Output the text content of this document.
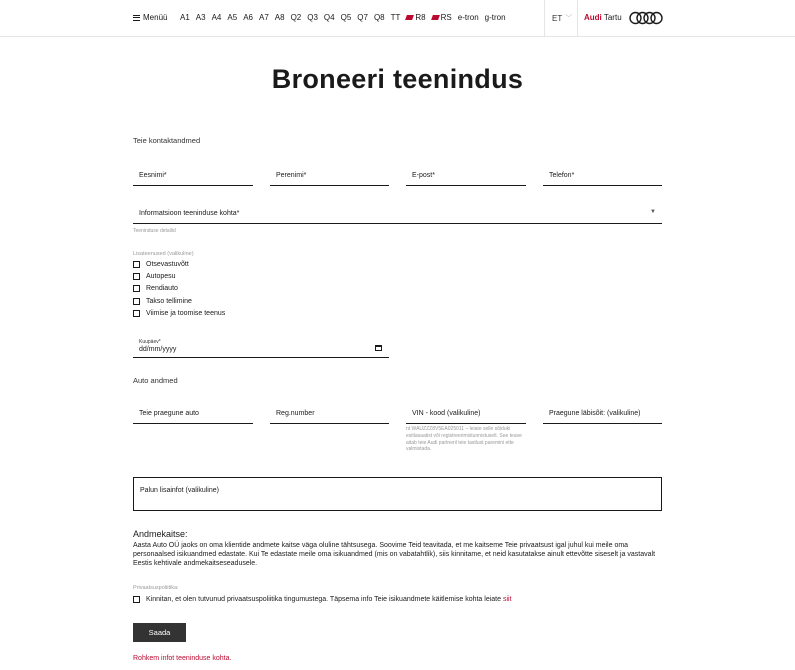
Menüü A1 A3 A4 A5 A6 A7 A8 Q2 Q3 Q4 Q5 Q7 Q8 TT	R8	RS e-tron g-tron	ET ﹀ Audi Tartu
Broneeri teenindus
Teie kontaktandmed
Eesnimi*	Perenimi*	E-post*	Telefon*
Informatsioon teeninduse kohta*	▼
Teeninduse detailid
Lisateenused (valikuline)
Otsevastuvõtt
Autopesu
Rendiauto
Takso tellimine
Viimise ja toomise teenus
Kuupäev*
dd/mm/yyyy
Auto andmed
Teie praegune auto	Reg.number	VIN - kood (valikuline)	Praegune läbisõit: (valikuline)
nt WAUZZZ8V5EA025011 – leiate selle sõiduki esitlasaatist või registreerimistunnistuselt. See teave aitab teie Audi partneril teie tastlust paremini ette valmistada.
Palun lisainfot (valikuline)
Andmekaitse:
Aasta Auto OÜ jaoks on oma klientide andmete kaitse väga oluline tähtsusega. Soovime Teid teavitada, et me kaitseme Teie privaatsust igal juhul kui meile oma personaalsed isikuandmed edastate. Kui Te edastate meile oma isikuandmed (mis on vabatahtlik), siis kinnitame, et neid kasutatakse ainult ettevõtte siseselt ja vastavalt Eestis kehtivale andmekaitseseadusele.
Privaatsuspoliitika:
Kinnitan, et olen tutvunud privaatsuspoliitika tingumustega. Täpsema info Teie isikuandmete käitlemise kohta leiate siit
Saada
Rohkem infot teeninduse kohta.
